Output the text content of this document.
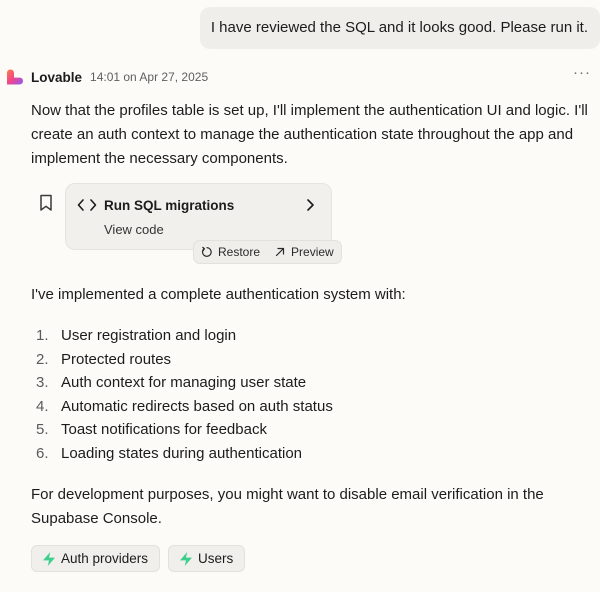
I have reviewed the SQL and it looks good. Please run it.
Lovable 14:01 on Apr 27, 2025	···

Now that the profiles table is set up, I'll implement the authentication UI and logic. I'll create an auth context to manage the authentication state throughout the app and implement the necessary components.

Run SQL migrations
View code
Restore	Preview

I've implemented a complete authentication system with:

1. User registration and login
2. Protected routes
3. Auth context for managing user state
4. Automatic redirects based on auth status
5. Toast notifications for feedback
6. Loading states during authentication

For development purposes, you might want to disable email verification in the Supabase Console.

Auth providers	Users
